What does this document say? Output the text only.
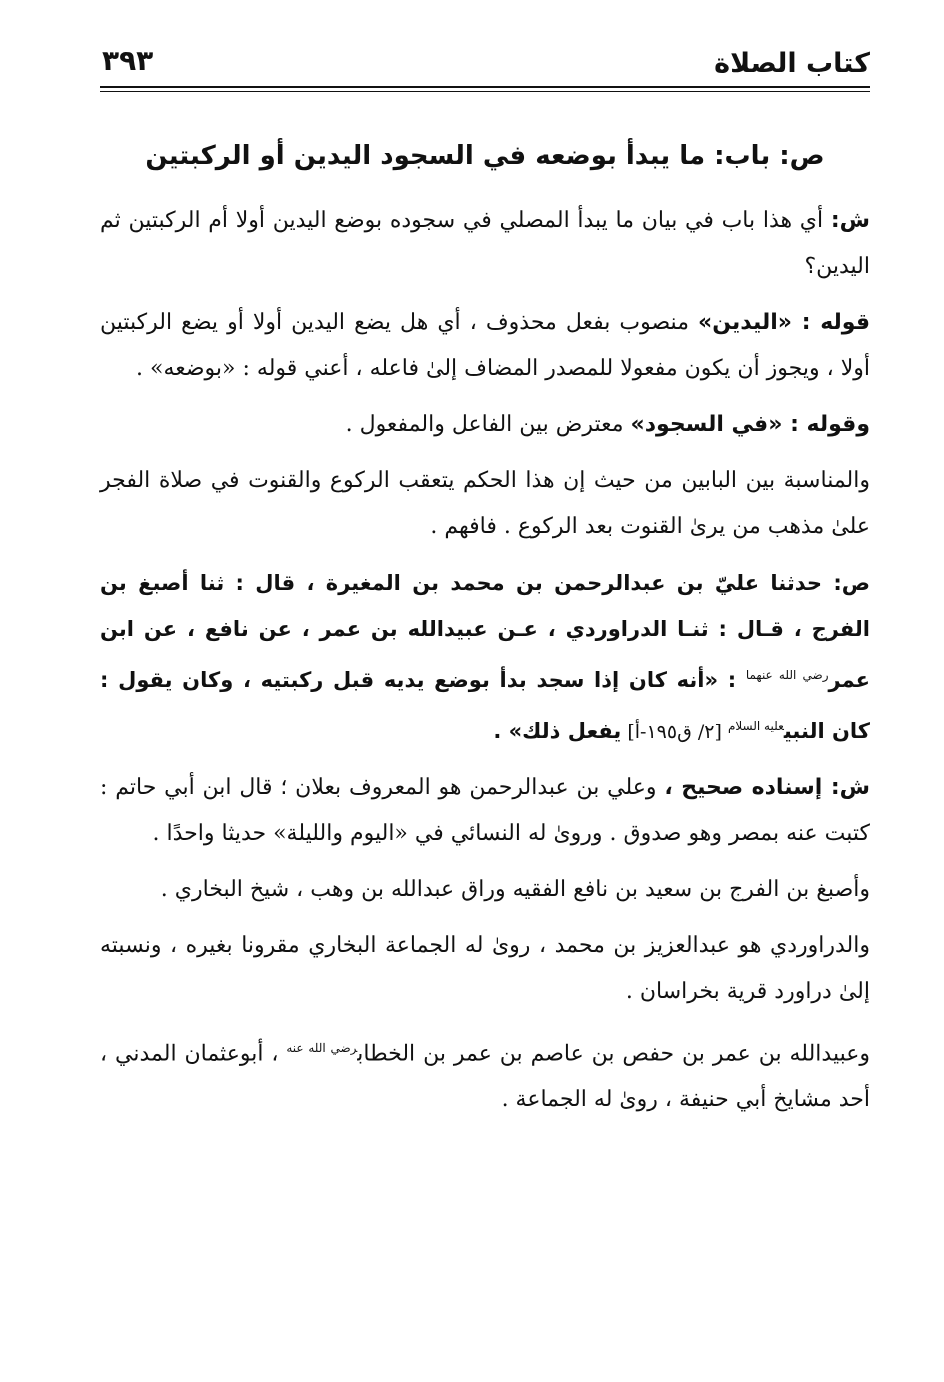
كتاب الصلاة
٣٩٣
ص: باب: ما يبدأ بوضعه في السجود اليدين أو الركبتين

ش: أي هذا باب في بيان ما يبدأ المصلي في سجوده بوضع اليدين أولا أم الركبتين ثم اليدين؟

قوله : «اليدين» منصوب بفعل محذوف ، أي هل يضع اليدين أولا أو يضع الركبتين أولا ، ويجوز أن يكون مفعولا للمصدر المضاف إلىٰ فاعله ، أعني قوله : «بوضعه» .

وقوله : «في السجود» معترض بين الفاعل والمفعول .

والمناسبة بين البابين من حيث إن هذا الحكم يتعقب الركوع والقنوت في صلاة الفجر علىٰ مذهب من يرىٰ القنوت بعد الركوع . فافهم .

ص: حدثنا عليّ بن عبدالرحمن بن محمد بن المغيرة ، قال : ثنا أصبغ بن الفرج ، قـال : ثنـا الدراوردي ، عـن عبيدالله بن عمر ، عن نافع ، عن ابن عمر$^{رضي الله عنهما}$ : «أنه كان إذا سجد بدأ بوضع يديه قبل ركبتيه ، وكان يقول : كان النبي$^{عليه السلام}$ [٢/ ق١٩٥-أ] يفعل ذلك» .

ش: إسناده صحيح ، وعلي بن عبدالرحمن هو المعروف بعلان ؛ قال ابن أبي حاتم : كتبت عنه بمصر وهو صدوق . وروىٰ له النسائي في «اليوم والليلة» حديثا واحدًا .

وأصبغ بن الفرج بن سعيد بن نافع الفقيه وراق عبدالله بن وهب ، شيخ البخاري .

والدراوردي هو عبدالعزيز بن محمد ، روىٰ له الجماعة البخاري مقرونا بغيره ، ونسبته إلىٰ دراورد قرية بخراسان .

وعبيدالله بن عمر بن حفص بن عاصم بن عمر بن الخطاب$^{رضي الله عنه}$ ، أبوعثمان المدني ، أحد مشايخ أبي حنيفة ، روىٰ له الجماعة .
